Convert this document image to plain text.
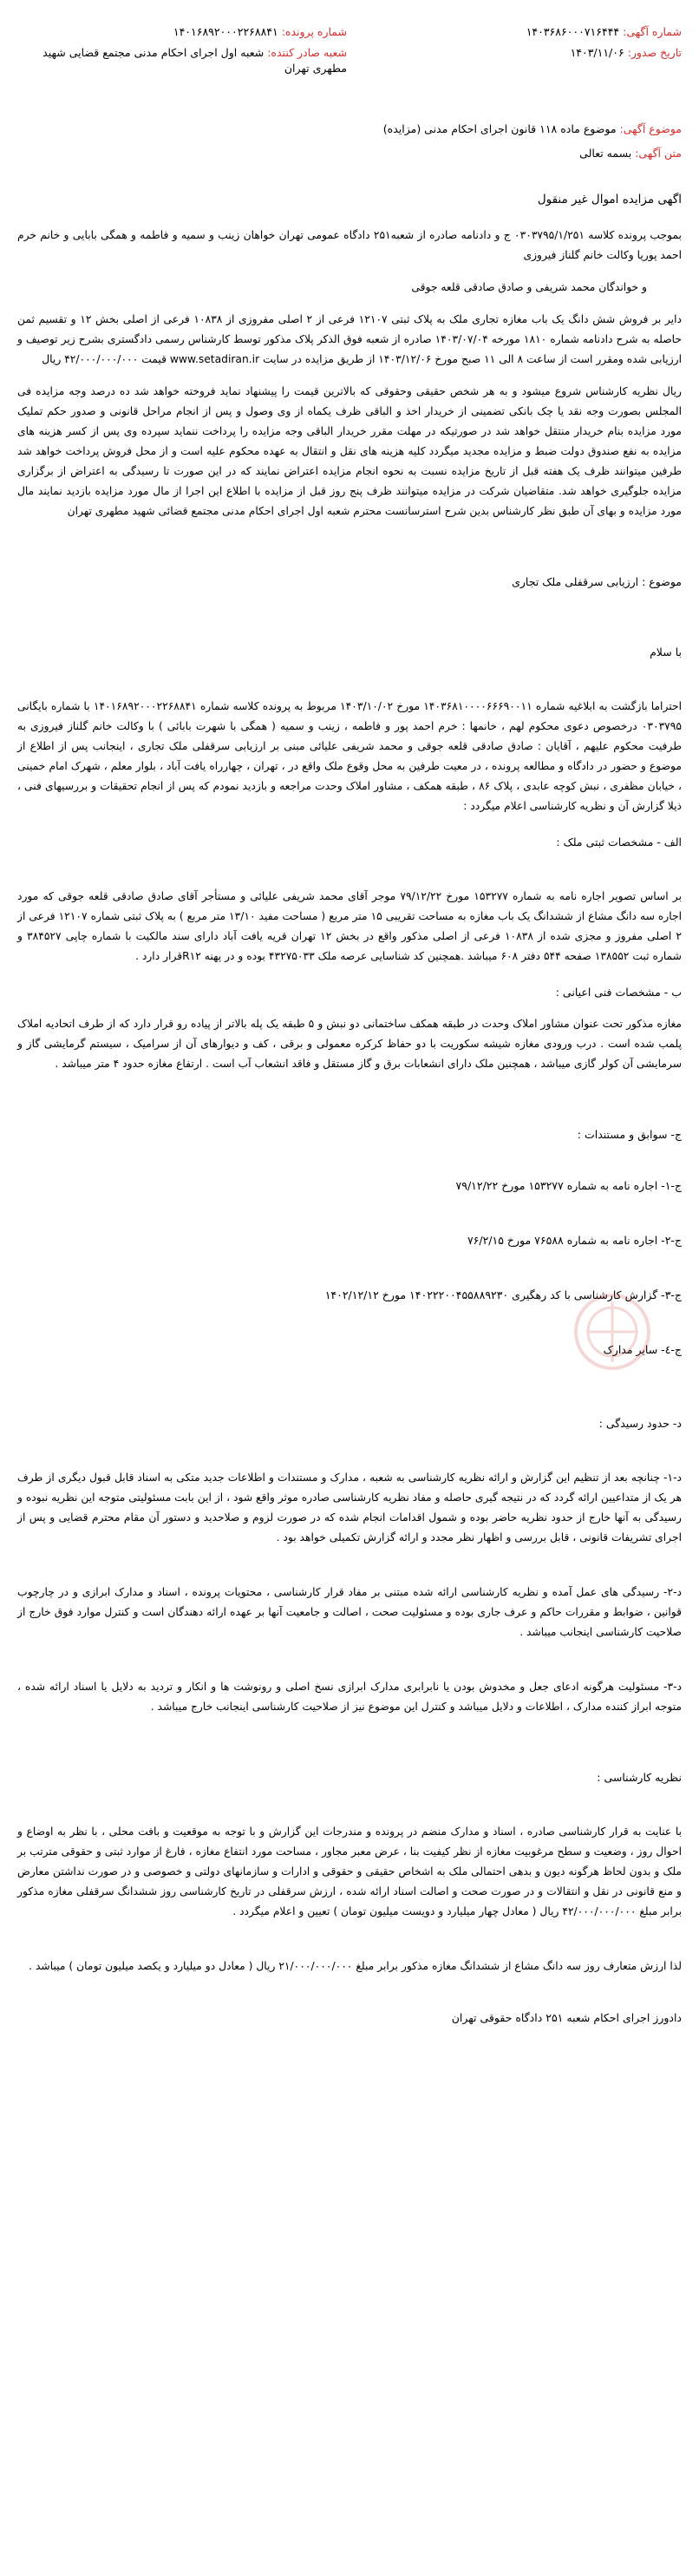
شماره آگهی: ۱۴۰۳۶۸۶۰۰۰۷۱۶۴۴۴
تاریخ صدور: ۱۴۰۳/۱۱/۰۶
شماره پرونده: ۱۴۰۱۶۸۹۲۰۰۰۲۲۶۸۸۴۱
شعبه صادر کننده: شعبه اول اجرای احکام مدنی مجتمع قضایی شهید مطهری تهران
موضوع آگهی: موضوع ماده ۱۱۸ قانون اجرای احکام مدنی (مزایده)
متن آگهی: بسمه تعالی
اگهی مزایده اموال غیر منقول

بموجب پرونده کلاسه ۰۳۰۳۷۹۵/۱/۲۵۱ ج و دادنامه صادره از شعبه۲۵۱ دادگاه عمومی تهران خواهان زینب و سمیه و فاطمه و همگی بابایی و خانم خرم احمد پوریا وکالت خانم گلناز فیروزی

و خواندگان محمد شریفی و صادق صادقی قلعه جوقی

دایر بر فروش شش دانگ یک باب مغازه تجاری ملک به پلاک ثبتی ۱۲۱۰۷ فرعی از ۲ اصلی مفروزی از ۱۰۸۳۸ فرعی از اصلی بخش ۱۲ و تقسیم ثمن حاصله به شرح دادنامه شماره ۱۸۱۰ مورخه ۱۴۰۳/۰۷/۰۴ صادره از شعبه فوق الذکر پلاک مذکور توسط کارشناس رسمی دادگستری بشرح زیر توصیف و ارزیابی شده ومقرر است از ساعت ۸ الی ۱۱ صبح مورخ ۱۴۰۳/۱۲/۰۶ از طریق مزایده در سایت www.setadiran.ir قیمت ۴۲/۰۰۰/۰۰۰/۰۰۰ ریال

ریال نظریه کارشناس شروع میشود و به هر شخص حقیقی وحقوقی که بالاترین قیمت را پیشنهاد نماید فروخته خواهد شد ده درصد وجه مزایده فی المجلس بصورت وجه نقد یا چک بانکی تضمینی از خریدار اخذ و الباقی ظرف یکماه از وی وصول و پس از انجام مراحل قانونی و صدور حکم تملیک مورد مزایده بنام خریدار منتقل خواهد شد در صورتیکه در مهلت مقرر خریدار الباقی وجه مزایده را پرداخت ننماید سپرده وی پس از کسر هزینه های مزایده به نفع صندوق دولت ضبط و مزایده مجدید میگردد کلیه هزینه های نقل و انتقال به عهده محکوم علیه است و از محل فروش پرداخت خواهد شد طرفین میتوانند ظرف یک هفته قبل از تاریخ مزایده نسبت به نحوه انجام مزایده اعتراض نمایند که در این صورت تا رسیدگی به اعتراض از برگزاری مزایده جلوگیری خواهد شد. متقاضیان شرکت در مزایده میتوانند ظرف پنج روز قبل از مزایده با اطلاع این اجرا از مال مورد مزایده بازدید نمایند مال مورد مزایده و بهای آن طبق نظر کارشناس بدین شرح استرسانست محترم شعبه اول اجرای احکام مدنی مجتمع قضائی شهید مطهری تهران

موضوع : ارزیابی سرقفلی ملک تجاری
با سلام

احتراما بازگشت به ابلاغیه شماره ۱۴۰۳۶۸۱۰۰۰۰۶۶۶۹۰۰۱۱ مورخ ۱۴۰۳/۱۰/۰۲ مربوط به پرونده کلاسه شماره ۱۴۰۱۶۸۹۲۰۰۰۲۲۶۸۸۴۱ با شماره بایگانی ۰۳۰۳۷۹۵ درخصوص دعوی محکوم لهم ، خانمها : خرم احمد پور و فاطمه ، زینب و سمیه ( همگی با شهرت بابائی ) با وکالت خانم گلناز فیروزی به طرفیت محکوم علیهم ، آقایان : صادق صادقی قلعه جوقی و محمد شریفی علیائی مبنی بر ارزیابی سرقفلی ملک تجاری ، اینجانب پس از اطلاع از موضوع و حضور در دادگاه و مطالعه پرونده ، در معیت طرفین به محل وقوع ملک واقع در ، تهران ، چهارراه یافت آباد ، بلوار معلم ، شهرک امام خمینی ، خیابان مظفری ، نبش کوچه عابدی ، پلاک ۸۶ ، طبقه همکف ، مشاور املاک وحدت مراجعه و بازدید نمودم که پس از انجام تحقیقات و بررسیهای فنی ، ذیلا گزارش آن و نظریه کارشناسی اعلام میگردد :

الف - مشخصات ثبتی ملک :

بر اساس تصویر اجاره نامه به شماره ۱۵۳۲۷۷ مورخ ۷۹/۱۲/۲۲ موجر آقای محمد شریفی علیائی و مستأجر آقای صادق صادقی قلعه جوقی که مورد اجاره سه دانگ مشاع از ششدانگ یک باب مغازه به مساحت تقریبی ۱۵ متر مربع ( مساحت مفید ۱۳/۱۰ متر مربع ) به پلاک ثبتی شماره ۱۲۱۰۷ فرعی از ۲ اصلی مفروز و مجزی شده از ۱۰۸۳۸ فرعی از اصلی مذکور واقع در بخش ۱۲ تهران قریه یافت آباد دارای سند مالکیت با شماره چاپی ۳۸۴۵۲۷ و شماره ثبت ۱۳۸۵۵۲ صفحه ۵۴۴ دفتر ۶۰۸ میباشد .همچنین کد شناسایی عرصه ملک ۴۳۲۷۵۰۳۳ بوده و در پهنه R۱۲قرار دارد .

ب - مشخصات فنی اعیانی :

مغازه مذکور تحت عنوان مشاور املاک وحدت در طبقه همکف ساختمانی دو نبش و ۵ طبقه یک پله بالاتر از پیاده رو قرار دارد که از طرف اتحادیه املاک پلمب شده است . درب ورودی مغازه شیشه سکوریت با دو حفاظ کرکره معمولی و برقی ، کف و دیوارهای آن از سرامیک ، سیستم گرمایشی گاز و سرمایشی آن کولر گازی میباشد ، همچنین ملک دارای انشعابات برق و گاز مستقل و فاقد انشعاب آب است . ارتفاع مغازه حدود ۴ متر میباشد .

ج- سوابق و مستندات :
ج-۱- اجاره نامه به شماره ۱۵۳۲۷۷ مورخ ۷۹/۱۲/۲۲
ج-۲- اجاره نامه به شماره ۷۶۵۸۸ مورخ ۷۶/۲/۱۵
ج-۳- گزارش کارشناسی با کد رهگیری ۱۴۰۲۲۲۰۰۴۵۵۸۸۹۲۳۰ مورخ ۱۴۰۲/۱۲/۱۲
ج-٤- سایر مدارک
د- حدود رسیدگی :

د-۱- چنانچه بعد از تنظیم این گزارش و ارائه نظریه کارشناسی به شعبه ، مدارک و مستندات و اطلاعات جدید متکی به اسناد قابل قبول دیگری از طرف هر یک از متداعیین ارائه گردد که در نتیجه گیری حاصله و مفاد نظریه کارشناسی صادره موثر واقع شود ، از این بابت مسئولیتی متوجه این نظریه نبوده و رسیدگی به آنها خارج از حدود نظریه حاضر بوده و شمول اقدامات انجام شده که در صورت لزوم و صلاحدید و دستور آن مقام محترم قضایی و پس از اجرای تشریفات قانونی ، قابل بررسی و اظهار نظر مجدد و ارائه گزارش تکمیلی خواهد بود .

د-۲- رسیدگی های عمل آمده و نظریه کارشناسی ارائه شده مبتنی بر مفاد قرار کارشناسی ، محتویات پرونده ، اسناد و مدارک ابرازی و در چارچوب قوانین ، ضوابط و مقررات حاکم و عرف جاری بوده و مسئولیت صحت ، اصالت و جامعیت آنها بر عهده ارائه دهندگان است و کنترل موارد فوق خارج از صلاحیت کارشناسی اینجانب میباشد .

د-۳- مسئولیت هرگونه ادعای جعل و مخدوش بودن یا نابرابری مدارک ابرازی نسخ اصلی و رونوشت ها و انکار و تردید به دلایل یا اسناد ارائه شده ، متوجه ابراز کننده مدارک ، اطلاعات و دلایل میباشد و کنترل این موضوع نیز از صلاحیت کارشناسی اینجانب خارج میباشد .

نظریه کارشناسی :

با عنایت به قرار کارشناسی صادره ، اسناد و مدارک منضم در پرونده و مندرجات این گزارش و با توجه به موقعیت و بافت محلی ، با نظر به اوضاع و احوال روز ، وضعیت و سطح مرغوبیت مغازه از نظر کیفیت بنا ، عرض معبر مجاور ، مساحت مورد انتفاع مغازه ، فارغ از موارد ثبتی و حقوقی مترتب بر ملک و بدون لحاظ هرگونه دیون و بدهی احتمالی ملک به اشخاص حقیقی و حقوقی و ادارات و سازمانهای دولتی و خصوصی و در صورت نداشتن معارض و منع قانونی در نقل و انتقالات و در صورت صحت و اصالت اسناد ارائه شده ، ارزش سرقفلی در تاریخ کارشناسی روز ششدانگ سرقفلی مغازه مذکور برابر مبلغ ۴۲/۰۰۰/۰۰۰/۰۰۰ ریال ( معادل چهار میلیارد و دویست میلیون تومان ) تعیین و اعلام میگردد .

لذا ارزش متعارف روز سه دانگ مشاع از ششدانگ مغازه مذکور برابر مبلغ ۲۱/۰۰۰/۰۰۰/۰۰۰ ریال ( معادل دو میلیارد و یکصد میلیون تومان ) میباشد .

دادورز اجرای احکام شعبه ۲۵۱ دادگاه حقوقی تهران
